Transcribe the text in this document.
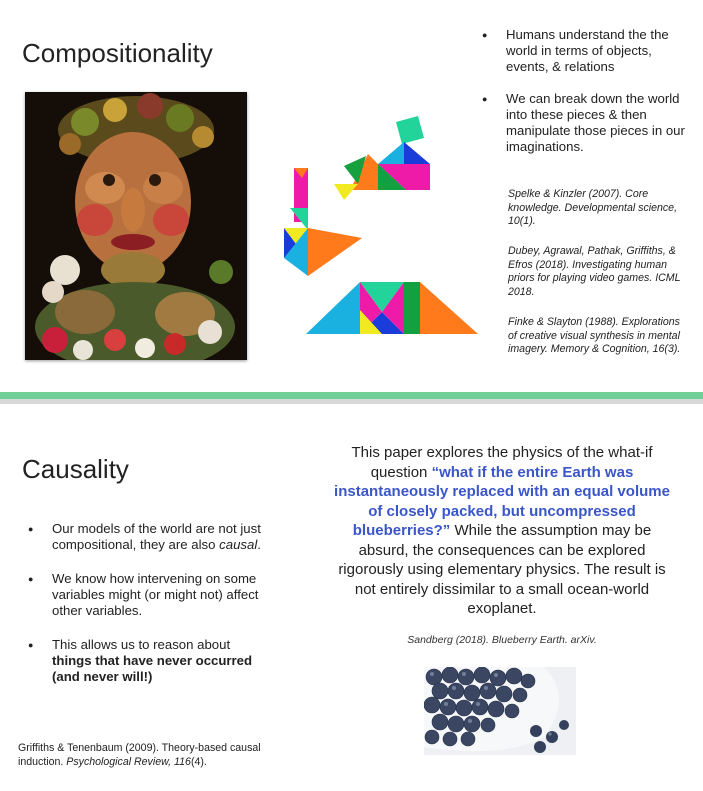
Compositionality
● Humans understand the the world in terms of objects, events, & relations
● We can break down the world into these pieces & then manipulate those pieces in our imaginations.
Spelke & Kinzler (2007). Core knowledge. Developmental science, 10(1).
Dubey, Agrawal, Pathak, Griffiths, & Efros (2018). Investigating human priors for playing video games. ICML 2018.
Finke & Slayton (1988). Explorations of creative visual synthesis in mental imagery. Memory & Cognition, 16(3).
Causality
● Our models of the world are not just compositional, they are also causal.
● We know how intervening on some variables might (or might not) affect other variables.
● This allows us to reason about things that have never occurred (and never will!)
Griffiths & Tenenbaum (2009). Theory-based causal induction. Psychological Review, 116(4).
This paper explores the physics of the what-if question “what if the entire Earth was instantaneously replaced with an equal volume of closely packed, but uncompressed blueberries?” While the assumption may be absurd, the consequences can be explored rigorously using elementary physics. The result is not entirely dissimilar to a small ocean-world exoplanet.
Sandberg (2018). Blueberry Earth. arXiv.
